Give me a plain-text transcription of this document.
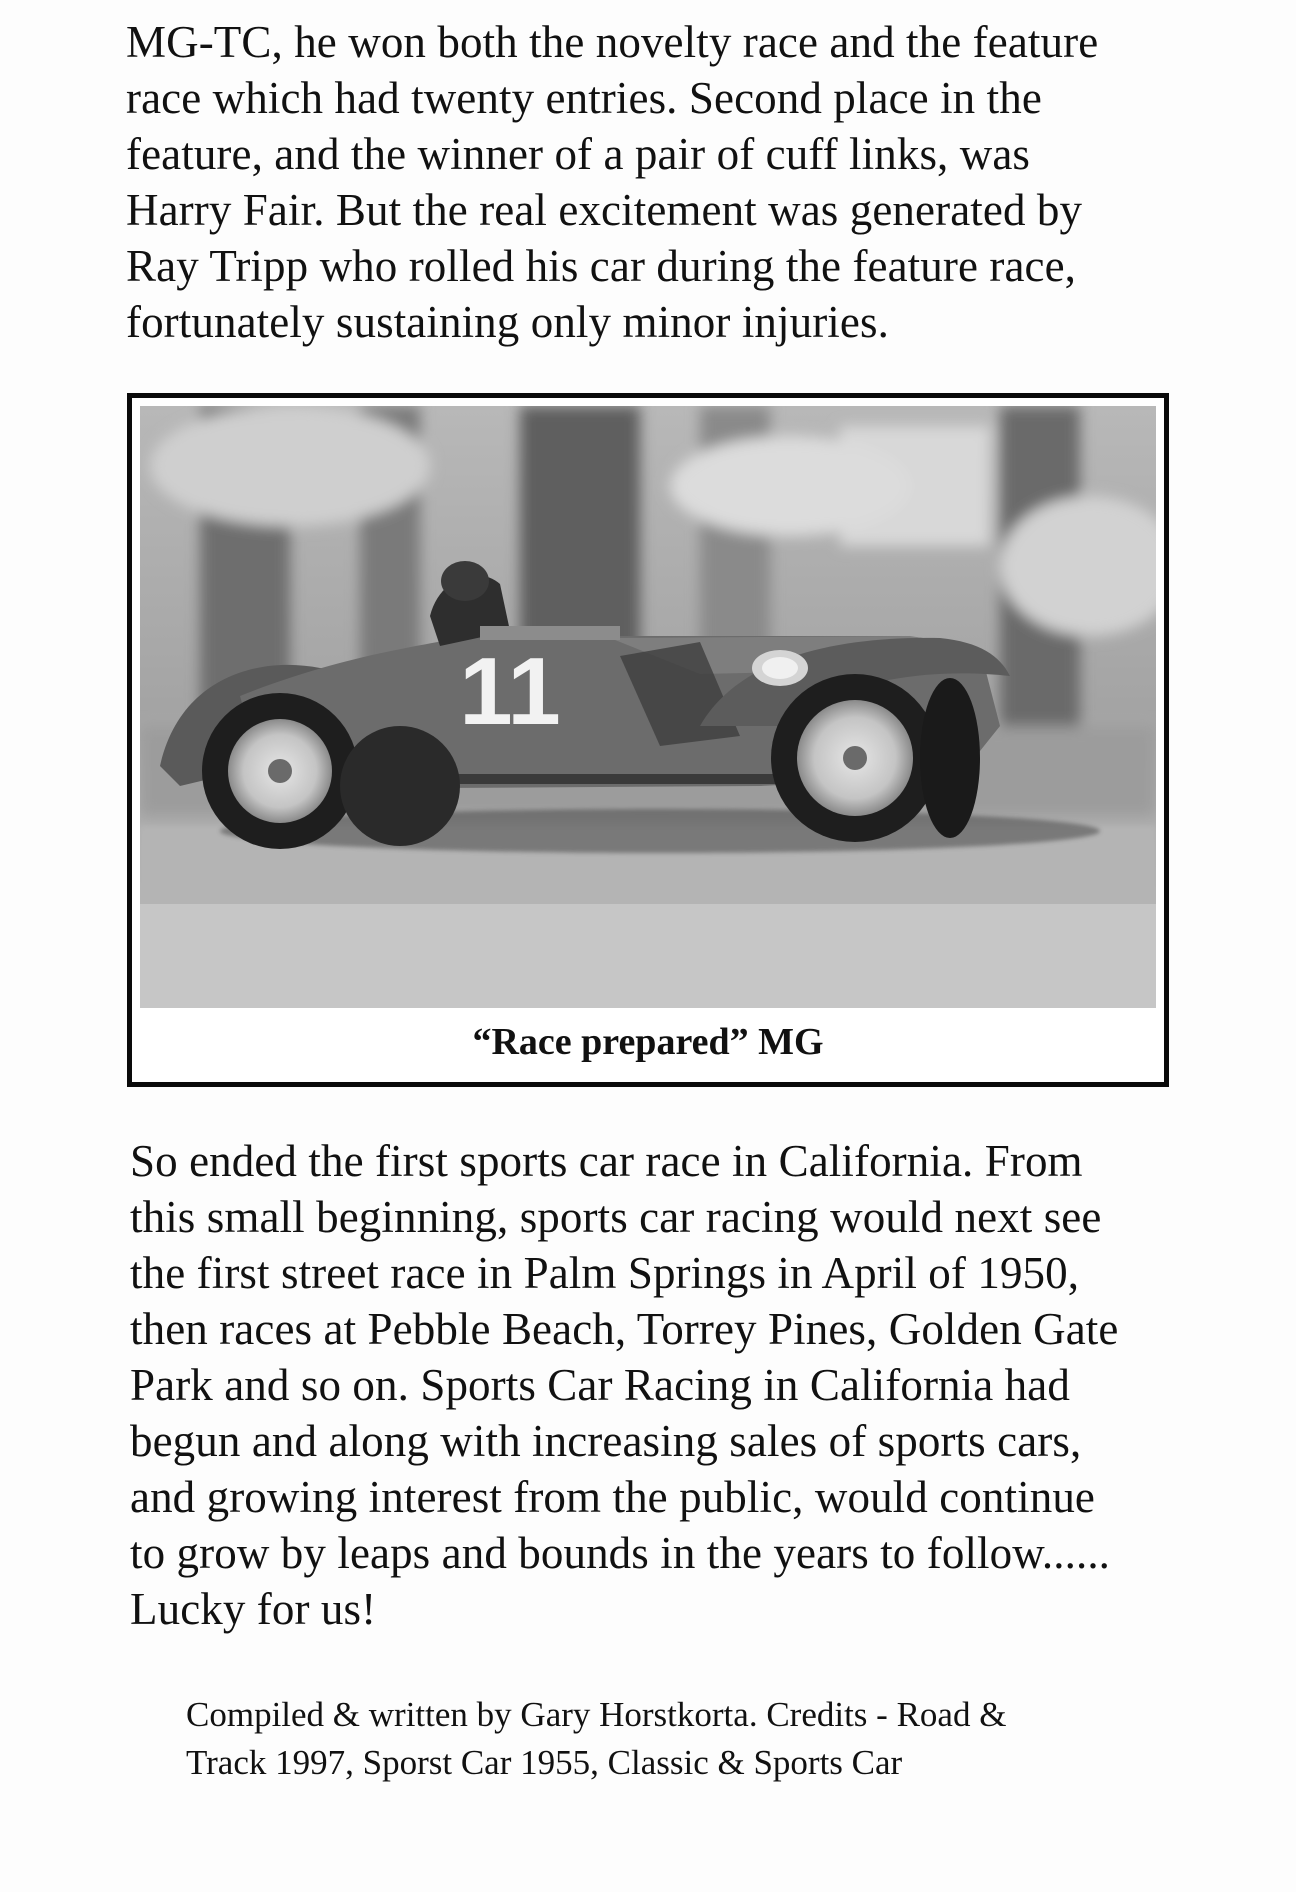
MG-TC, he won both the novelty race and the feature
race which had twenty entries. Second place in the
feature, and the winner of a pair of cuff links, was
Harry Fair. But the real excitement was generated by
Ray Tripp who rolled his car during the feature race,
fortunately sustaining only minor injuries.

11
“Race prepared” MG

So ended the first sports car race in California. From
this small beginning, sports car racing would next see
the first street race in Palm Springs in April of 1950,
then races at Pebble Beach, Torrey Pines, Golden Gate
Park and so on. Sports Car Racing in California had
begun and along with increasing sales of sports cars,
and growing interest from the public, would continue
to grow by leaps and bounds in the years to follow......
Lucky for us!

Compiled & written by Gary Horstkorta. Credits - Road &
Track 1997, Sporst Car 1955, Classic & Sports Car
